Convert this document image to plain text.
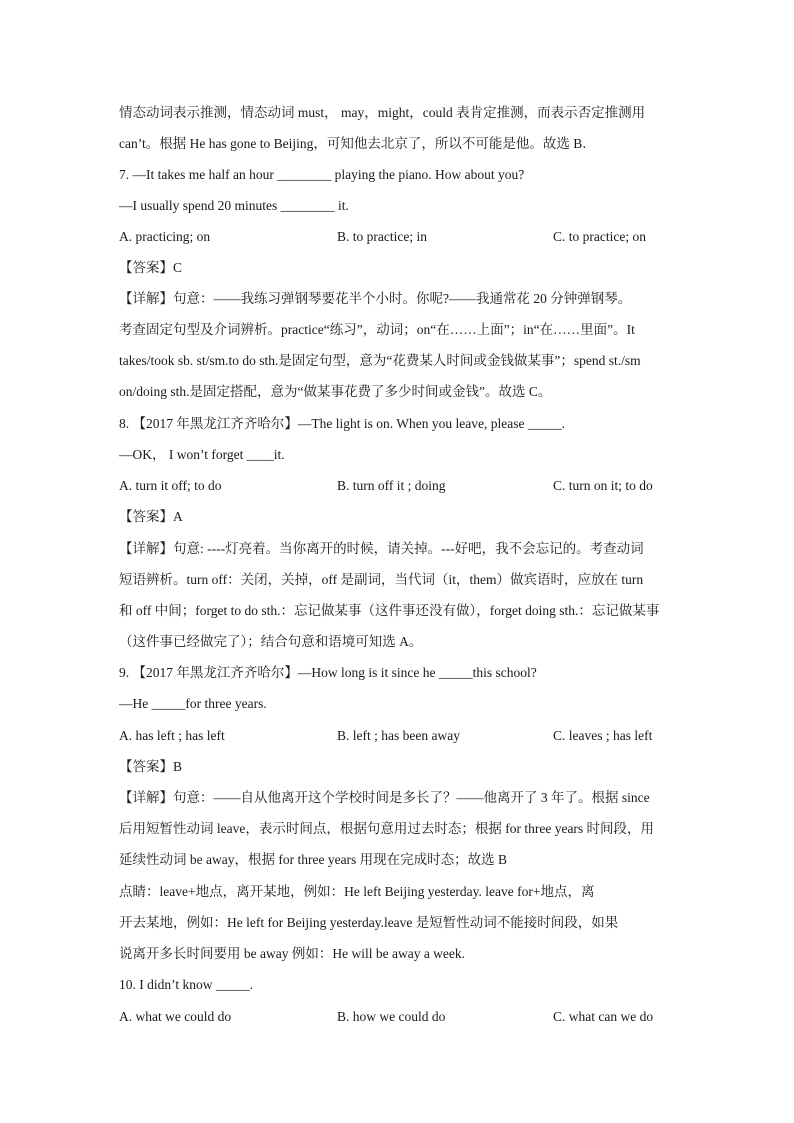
情态动词表示推测，情态动词 must， may，might，could 表肯定推测，而表示否定推测用
can’t。根据 He has gone to Beijing，可知他去北京了，所以不可能是他。故选 B．
7. —It takes me half an hour ________ playing the piano. How about you?
—I usually spend 20 minutes ________ it.
A. practicing; on	B. to practice; in	C. to practice; on
【答案】C
【详解】句意：——我练习弹钢琴要花半个小时。你呢?——我通常花 20 分钟弹钢琴。
考查固定句型及介词辨析。practice“练习”，动词；on“在……上面”；in“在……里面”。It
takes/took sb. st/sm.to do sth.是固定句型，意为“花费某人时间或金钱做某事”；spend st./sm
on/doing sth.是固定搭配，意为“做某事花费了多少时间或金钱”。故选 C。
8. 【2017 年黑龙江齐齐哈尔】—The light is on. When you leave, please _____.
—OK， I won’t forget ____it.
A. turn it off; to do	B. turn off it ; doing	C. turn on it; to do
【答案】A
【详解】句意: ----灯亮着。当你离开的时候，请关掉。---好吧，我不会忘记的。考查动词
短语辨析。turn off：关闭，关掉，off 是副词，当代词（it，them）做宾语时，应放在 turn
和 off 中间；forget to do sth.：忘记做某事（这件事还没有做），forget doing sth.：忘记做某事
（这件事已经做完了）；结合句意和语境可知选 A。
9. 【2017 年黑龙江齐齐哈尔】—How long is it since he _____this school?
—He _____for three years.
A. has left ; has left	B. left ; has been away	C. leaves ; has left
【答案】B
【详解】句意：——自从他离开这个学校时间是多长了？——他离开了 3 年了。根据 since
后用短暂性动词 leave，表示时间点，根据句意用过去时态；根据 for three years 时间段，用
延续性动词 be away，根据 for three years 用现在完成时态；故选 B
点睛：leave+地点，离开某地，例如：He left Beijing yesterday. leave for+地点，离
开去某地，例如：He left for Beijing yesterday.leave 是短暂性动词不能接时间段，如果
说离开多长时间要用 be away 例如：He will be away a week.
10. I didn’t know _____.
A. what we could do	B. how we could do	C. what can we do
